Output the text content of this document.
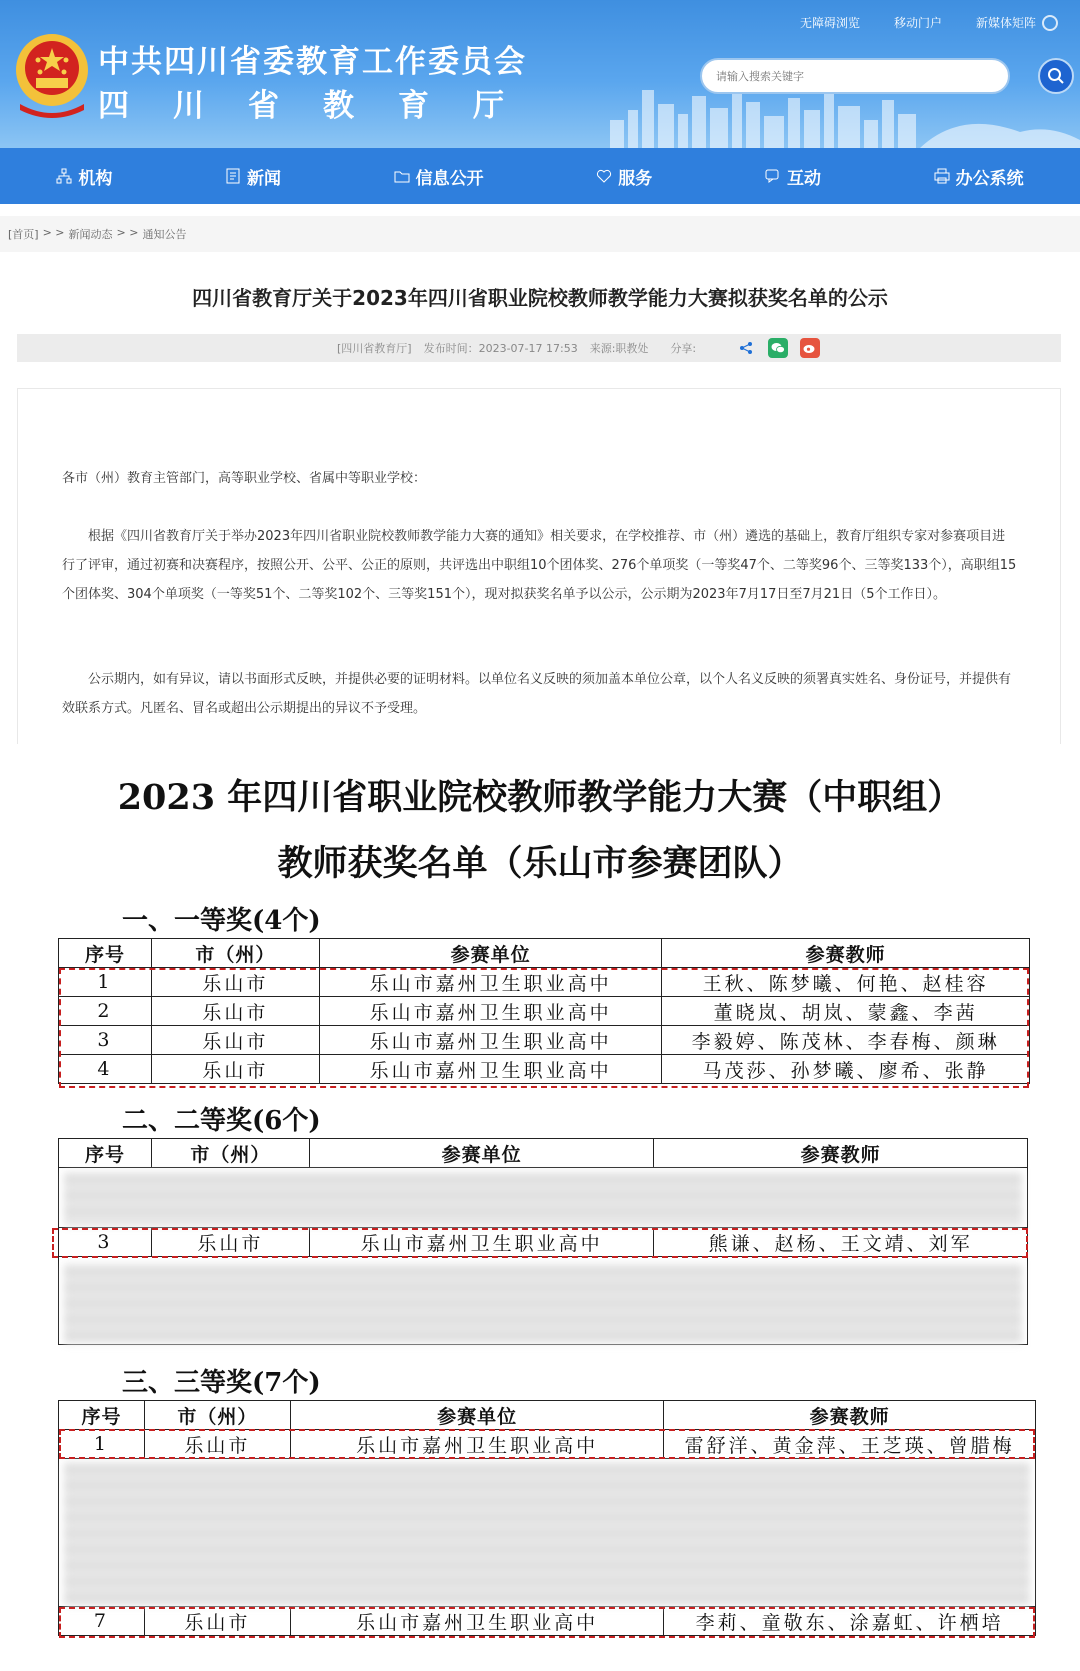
中共四川省委教育工作委员会
四川省教育厅
无障碍浏览	移动门户	新媒体矩阵
请输入搜索关键字
机构	新闻	信息公开	服务	互动	办公系统
[首页] > > 新闻动态 > > 通知公告
四川省教育厅关于2023年四川省职业院校教师教学能力大赛拟获奖名单的公示
[四川省教育厅] 发布时间：2023-07-17 17:53 来源:职教处 分享:
各市（州）教育主管部门，高等职业学校、省属中等职业学校：
根据《四川省教育厅关于举办2023年四川省职业院校教师教学能力大赛的通知》相关要求，在学校推荐、市（州）遴选的基础上，教育厅组织专家对参赛项目进行了评审，通过初赛和决赛程序，按照公开、公平、公正的原则，共评选出中职组10个团体奖、276个单项奖（一等奖47个、二等奖96个、三等奖133个），高职组15个团体奖、304个单项奖（一等奖51个、二等奖102个、三等奖151个），现对拟获奖名单予以公示，公示期为2023年7月17日至7月21日（5个工作日）。
公示期内，如有异议，请以书面形式反映，并提供必要的证明材料。以单位名义反映的须加盖本单位公章，以个人名义反映的须署真实姓名、身份证号，并提供有效联系方式。凡匿名、冒名或超出公示期提出的异议不予受理。
2023 年四川省职业院校教师教学能力大赛（中职组）
教师获奖名单（乐山市参赛团队）
一、一等奖(4个)
序号	市（州）	参赛单位	参赛教师
1	乐山市	乐山市嘉州卫生职业高中	王秋、陈梦曦、何艳、赵桂容
2	乐山市	乐山市嘉州卫生职业高中	董晓岚、胡岚、蒙鑫、李茜
3	乐山市	乐山市嘉州卫生职业高中	李毅婷、陈茂林、李春梅、颜琳
4	乐山市	乐山市嘉州卫生职业高中	马茂莎、孙梦曦、廖希、张静
二、二等奖(6个)
序号	市（州）	参赛单位	参赛教师

3	乐山市	乐山市嘉州卫生职业高中	熊谦、赵杨、王文靖、刘军

三、三等奖(7个)
序号	市（州）	参赛单位	参赛教师
1	乐山市	乐山市嘉州卫生职业高中	雷舒洋、黄金萍、王芝瑛、曾腊梅

7	乐山市	乐山市嘉州卫生职业高中	李莉、童敬东、涂嘉虹、许栖培
